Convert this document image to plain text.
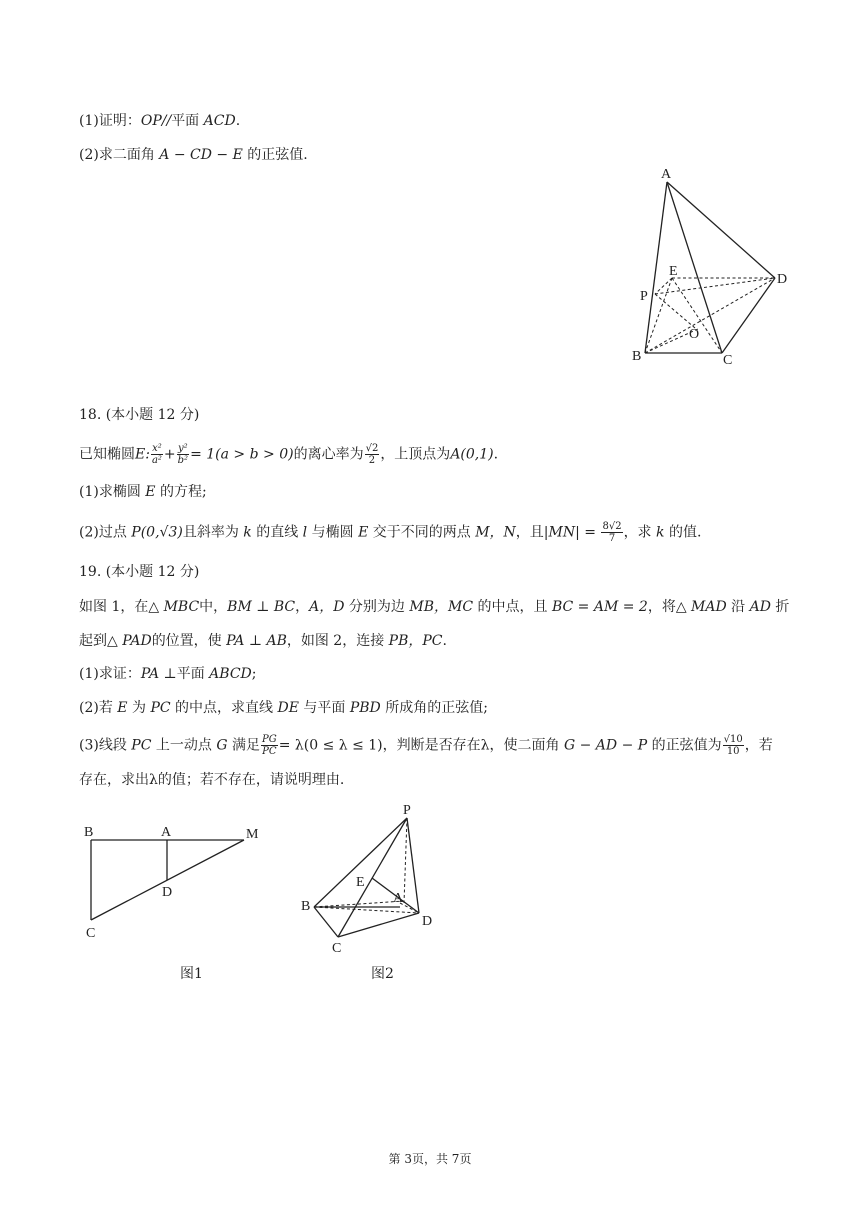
(1)证明：OP//平面 ACD.
(2)求二面角 A − CD − E 的正弦值.
A
D
E
P
O
B	C
18. (本小题 12 分)
已知椭圆E: $\frac{\text{x²}}{\text{a²}} + \frac{\text{y²}}{\text{b²}} = 1(a > b > 0)$的离心率为 $\frac{√2}{2}$ ，上顶点为A(0,1).
(1)求椭圆 E 的方程;
(2)过点 P(0,√3)且斜率为 k 的直线 l 与椭圆 E 交于不同的两点 M，N，且$|MN| = \frac{8√2}{7}$ ，求 k 的值.
19. (本小题 12 分)
如图 1，在△ MBC中，BM ⊥ BC，A，D 分别为边 MB，MC 的中点，且 BC = AM = 2，将△ MAD 沿 AD 折
起到△ PAD的位置，使 PA ⊥ AB，如图 2，连接 PB，PC.
(1)求证：PA ⊥平面 ABCD;
(2)若 E 为 PC 的中点，求直线 DE 与平面 PBD 所成角的正弦值;
(3)线段 PC 上一动点 G 满足 $\frac{PG}{PC} = \lambda(0 \le \lambda \le 1)$，判断是否存在λ，使二面角 G − AD − P 的正弦值为 $\frac{√10}{10}$ ，若
存在，求出λ的值；若不存在，请说明理由.
B	A	M
D
C
图1
P
E
A
B
D
C
图2
第 3页，共 7页
